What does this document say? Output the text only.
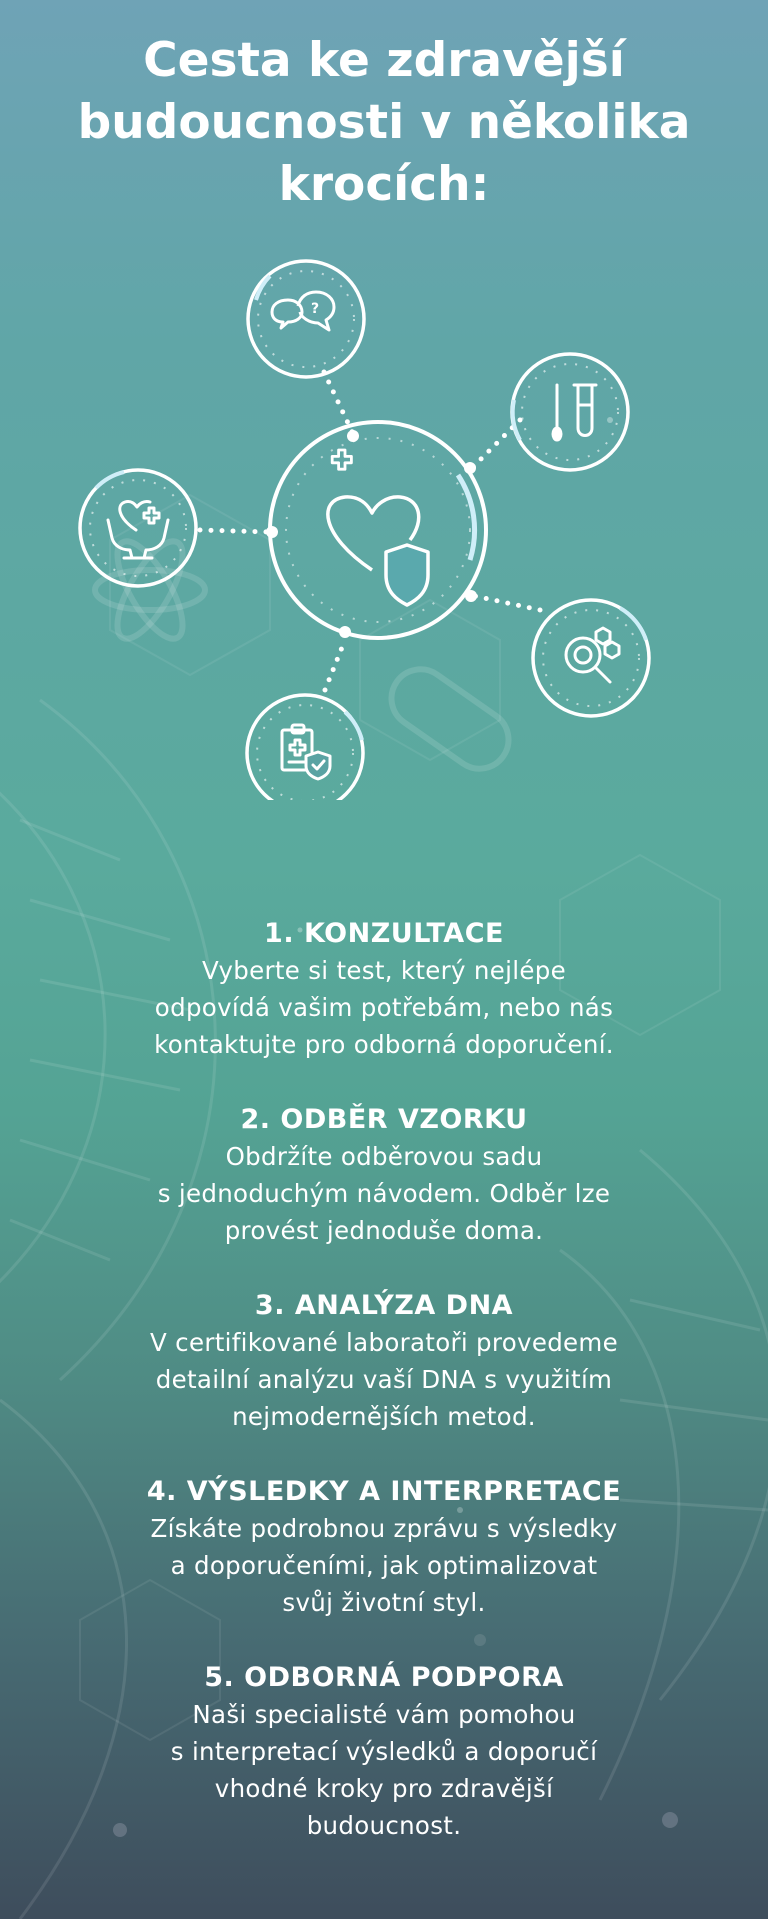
Cesta ke zdravější
budoucnosti v několika
krocích:
?
1. KONZULTACE

Vyberte si test, který nejlépe
odpovídá vašim potřebám, nebo nás
kontaktujte pro odborná doporučení.

2. ODBĚR VZORKU

Obdržíte odběrovou sadu
s jednoduchým návodem. Odběr lze
provést jednoduše doma.

3. ANALÝZA DNA

V certifikované laboratoři provedeme
detailní analýzu vaší DNA s využitím
nejmodernějších metod.

4. VÝSLEDKY A INTERPRETACE

Získáte podrobnou zprávu s výsledky
a doporučeními, jak optimalizovat
svůj životní styl.

5. ODBORNÁ PODPORA

Naši specialisté vám pomohou
s interpretací výsledků a doporučí
vhodné kroky pro zdravější
budoucnost.
